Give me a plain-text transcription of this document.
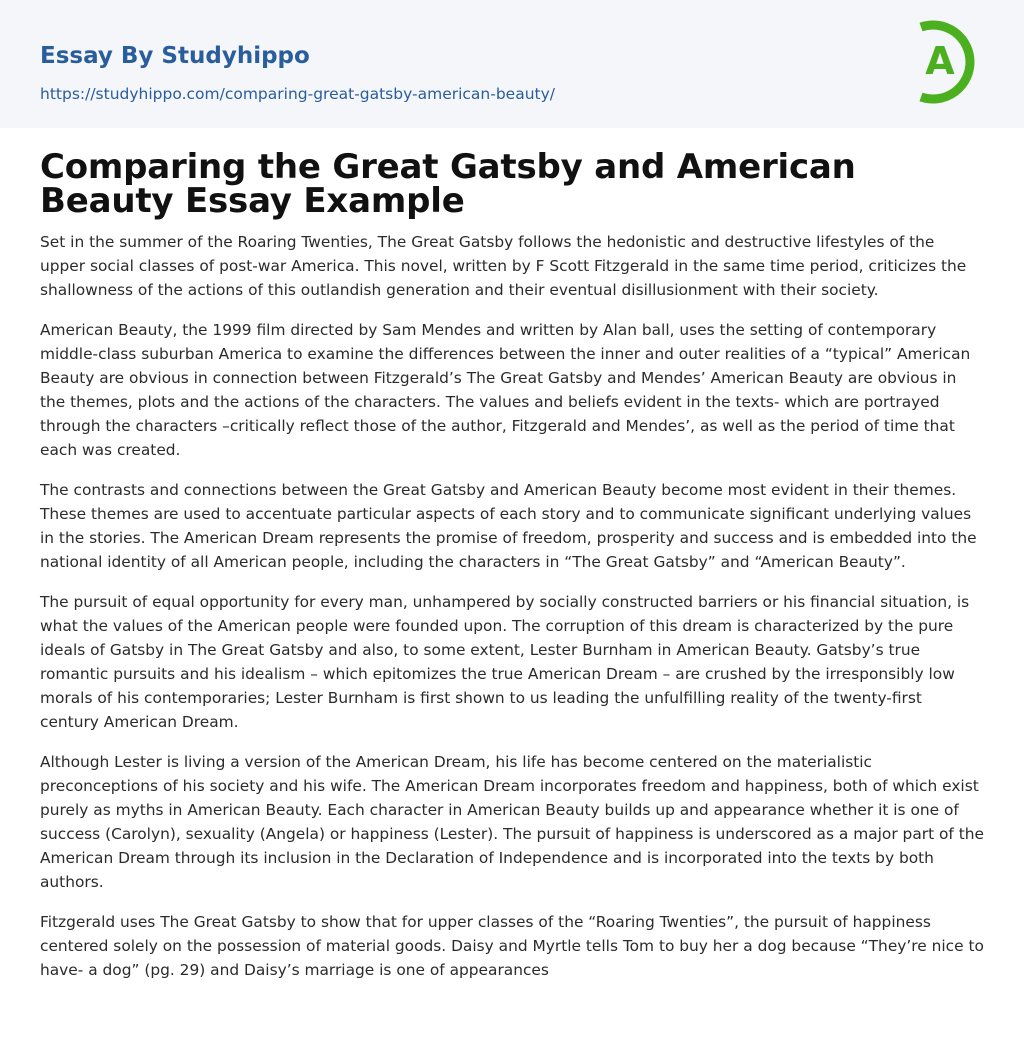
Essay By Studyhippo
https://studyhippo.com/comparing-great-gatsby-american-beauty/
A
Comparing the Great Gatsby and American Beauty Essay Example

Set in the summer of the Roaring Twenties, The Great Gatsby follows the hedonistic and destructive lifestyles of the upper social classes of post-war America. This novel, written by F Scott Fitzgerald in the same time period, criticizes the shallowness of the actions of this outlandish generation and their eventual disillusionment with their society.

American Beauty, the 1999 film directed by Sam Mendes and written by Alan ball, uses the setting of contemporary middle-class suburban America to examine the differences between the inner and outer realities of a “typical” American Beauty are obvious in connection between Fitzgerald’s The Great Gatsby and Mendes’ American Beauty are obvious in the themes, plots and the actions of the characters. The values and beliefs evident in the texts- which are portrayed through the characters –critically reflect those of the author, Fitzgerald and Mendes’, as well as the period of time that each was created.

The contrasts and connections between the Great Gatsby and American Beauty become most evident in their themes. These themes are used to accentuate particular aspects of each story and to communicate significant underlying values in the stories. The American Dream represents the promise of freedom, prosperity and success and is embedded into the national identity of all American people, including the characters in “The Great Gatsby” and “American Beauty”.

The pursuit of equal opportunity for every man, unhampered by socially constructed barriers or his financial situation, is what the values of the American people were founded upon. The corruption of this dream is characterized by the pure ideals of Gatsby in The Great Gatsby and also, to some extent, Lester Burnham in American Beauty. Gatsby’s true romantic pursuits and his idealism – which epitomizes the true American Dream – are crushed by the irresponsibly low morals of his contemporaries; Lester Burnham is first shown to us leading the unfulfilling reality of the twenty-first century American Dream.

Although Lester is living a version of the American Dream, his life has become centered on the materialistic preconceptions of his society and his wife. The American Dream incorporates freedom and happiness, both of which exist purely as myths in American Beauty. Each character in American Beauty builds up and appearance whether it is one of success (Carolyn), sexuality (Angela) or happiness (Lester). The pursuit of happiness is underscored as a major part of the American Dream through its inclusion in the Declaration of Independence and is incorporated into the texts by both authors.

Fitzgerald uses The Great Gatsby to show that for upper classes of the “Roaring Twenties”, the pursuit of happiness centered solely on the possession of material goods. Daisy and Myrtle tells Tom to buy her a dog because “They’re nice to have- a dog” (pg. 29) and Daisy’s marriage is one of appearances
